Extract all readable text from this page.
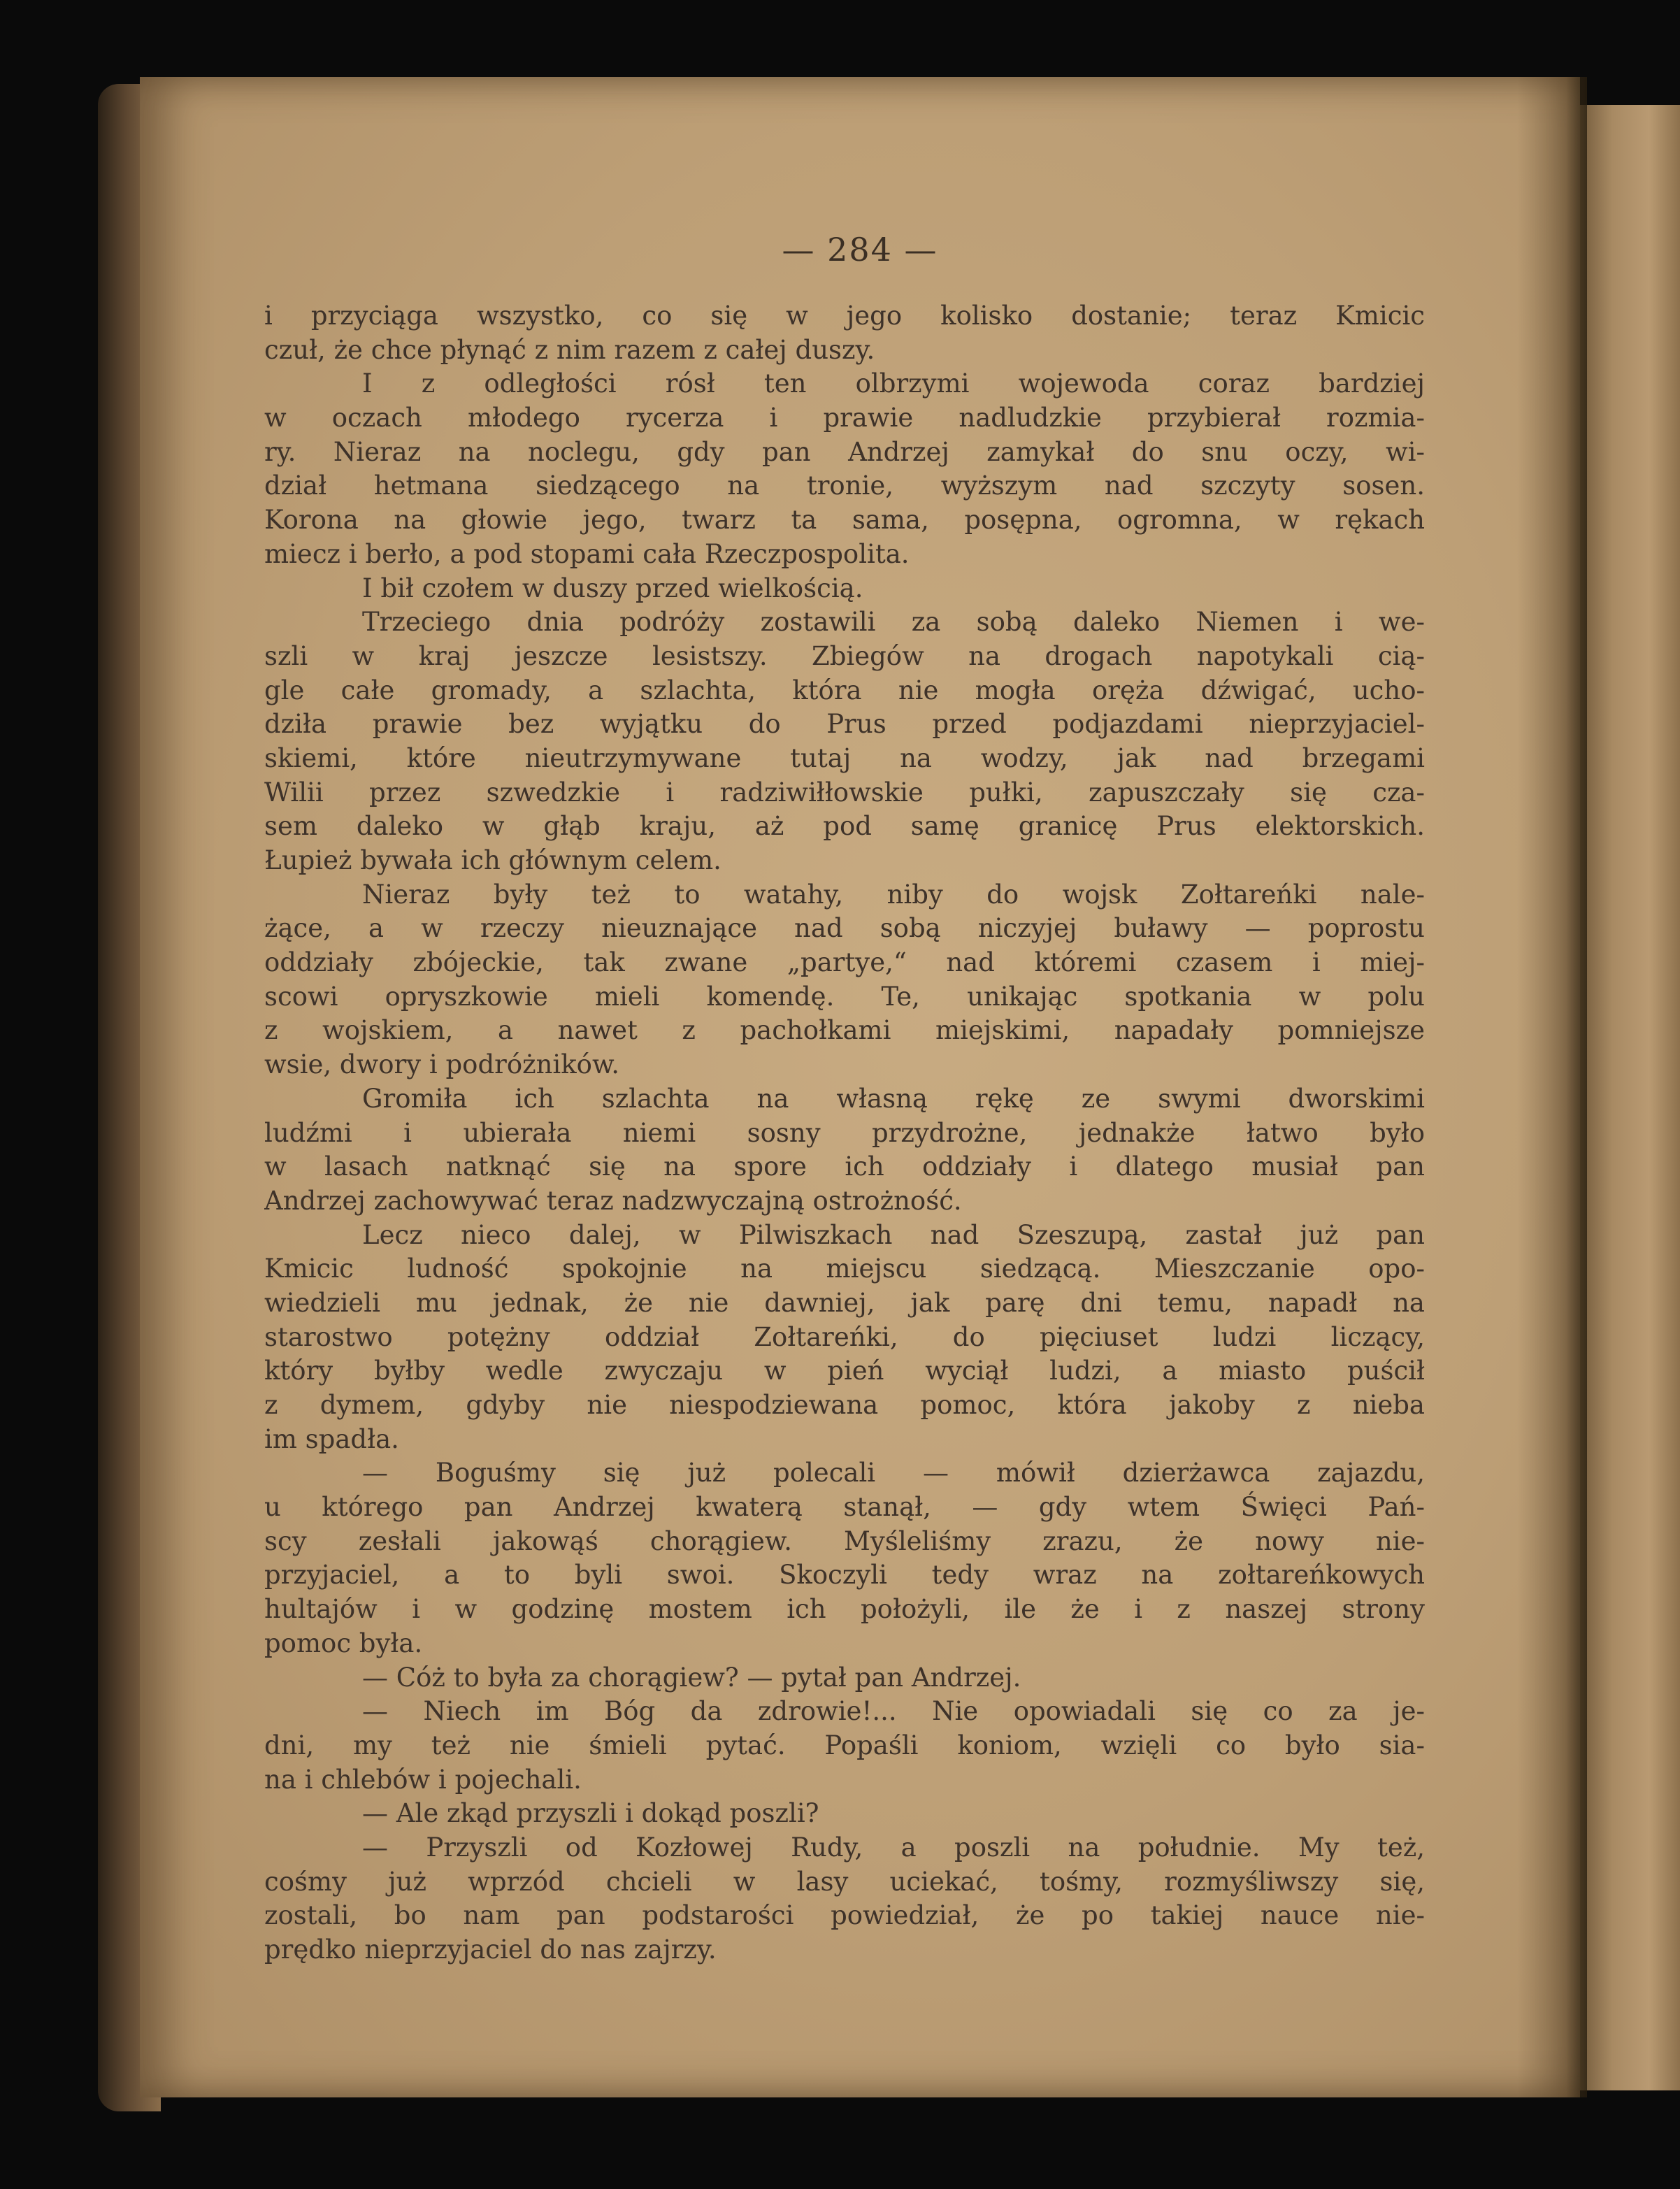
— 284 —
i przyciąga wszystko, co się w jego kolisko dostanie; teraz Kmicic
czuł, że chce płynąć z nim razem z całej duszy.
I z odległości rósł ten olbrzymi wojewoda coraz bardziej
w oczach młodego rycerza i prawie nadludzkie przybierał rozmia-
ry. Nieraz na noclegu, gdy pan Andrzej zamykał do snu oczy, wi-
dział hetmana siedzącego na tronie, wyższym nad szczyty sosen.
Korona na głowie jego, twarz ta sama, posępna, ogromna, w rękach
miecz i berło, a pod stopami cała Rzeczpospolita.
I bił czołem w duszy przed wielkością.
Trzeciego dnia podróży zostawili za sobą daleko Niemen i we-
szli w kraj jeszcze lesistszy. Zbiegów na drogach napotykali cią-
gle całe gromady, a szlachta, która nie mogła oręża dźwigać, ucho-
dziła prawie bez wyjątku do Prus przed podjazdami nieprzyjaciel-
skiemi, które nieutrzymywane tutaj na wodzy, jak nad brzegami
Wilii przez szwedzkie i radziwiłłowskie pułki, zapuszczały się cza-
sem daleko w głąb kraju, aż pod samę granicę Prus elektorskich.
Łupież bywała ich głównym celem.
Nieraz były też to watahy, niby do wojsk Zołtareńki nale-
żące, a w rzeczy nieuznające nad sobą niczyjej buławy — poprostu
oddziały zbójeckie, tak zwane „partye,“ nad któremi czasem i miej-
scowi opryszkowie mieli komendę. Te, unikając spotkania w polu
z wojskiem, a nawet z pachołkami miejskimi, napadały pomniejsze
wsie, dwory i podróżników.
Gromiła ich szlachta na własną rękę ze swymi dworskimi
ludźmi i ubierała niemi sosny przydrożne, jednakże łatwo było
w lasach natknąć się na spore ich oddziały i dlatego musiał pan
Andrzej zachowywać teraz nadzwyczajną ostrożność.
Lecz nieco dalej, w Pilwiszkach nad Szeszupą, zastał już pan
Kmicic ludność spokojnie na miejscu siedzącą. Mieszczanie opo-
wiedzieli mu jednak, że nie dawniej, jak parę dni temu, napadł na
starostwo potężny oddział Zołtareńki, do pięciuset ludzi liczący,
który byłby wedle zwyczaju w pień wyciął ludzi, a miasto puścił
z dymem, gdyby nie niespodziewana pomoc, która jakoby z nieba
im spadła.
— Boguśmy się już polecali — mówił dzierżawca zajazdu,
u którego pan Andrzej kwaterą stanął, — gdy wtem Święci Pań-
scy zesłali jakowąś chorągiew. Myśleliśmy zrazu, że nowy nie-
przyjaciel, a to byli swoi. Skoczyli tedy wraz na zołtareńkowych
hultajów i w godzinę mostem ich położyli, ile że i z naszej strony
pomoc była.
— Cóż to była za chorągiew? — pytał pan Andrzej.
— Niech im Bóg da zdrowie!... Nie opowiadali się co za je-
dni, my też nie śmieli pytać. Popaśli koniom, wzięli co było sia-
na i chlebów i pojechali.
— Ale zkąd przyszli i dokąd poszli?
— Przyszli od Kozłowej Rudy, a poszli na południe. My też,
cośmy już wprzód chcieli w lasy uciekać, tośmy, rozmyśliwszy się,
zostali, bo nam pan podstarości powiedział, że po takiej nauce nie-
prędko nieprzyjaciel do nas zajrzy.
